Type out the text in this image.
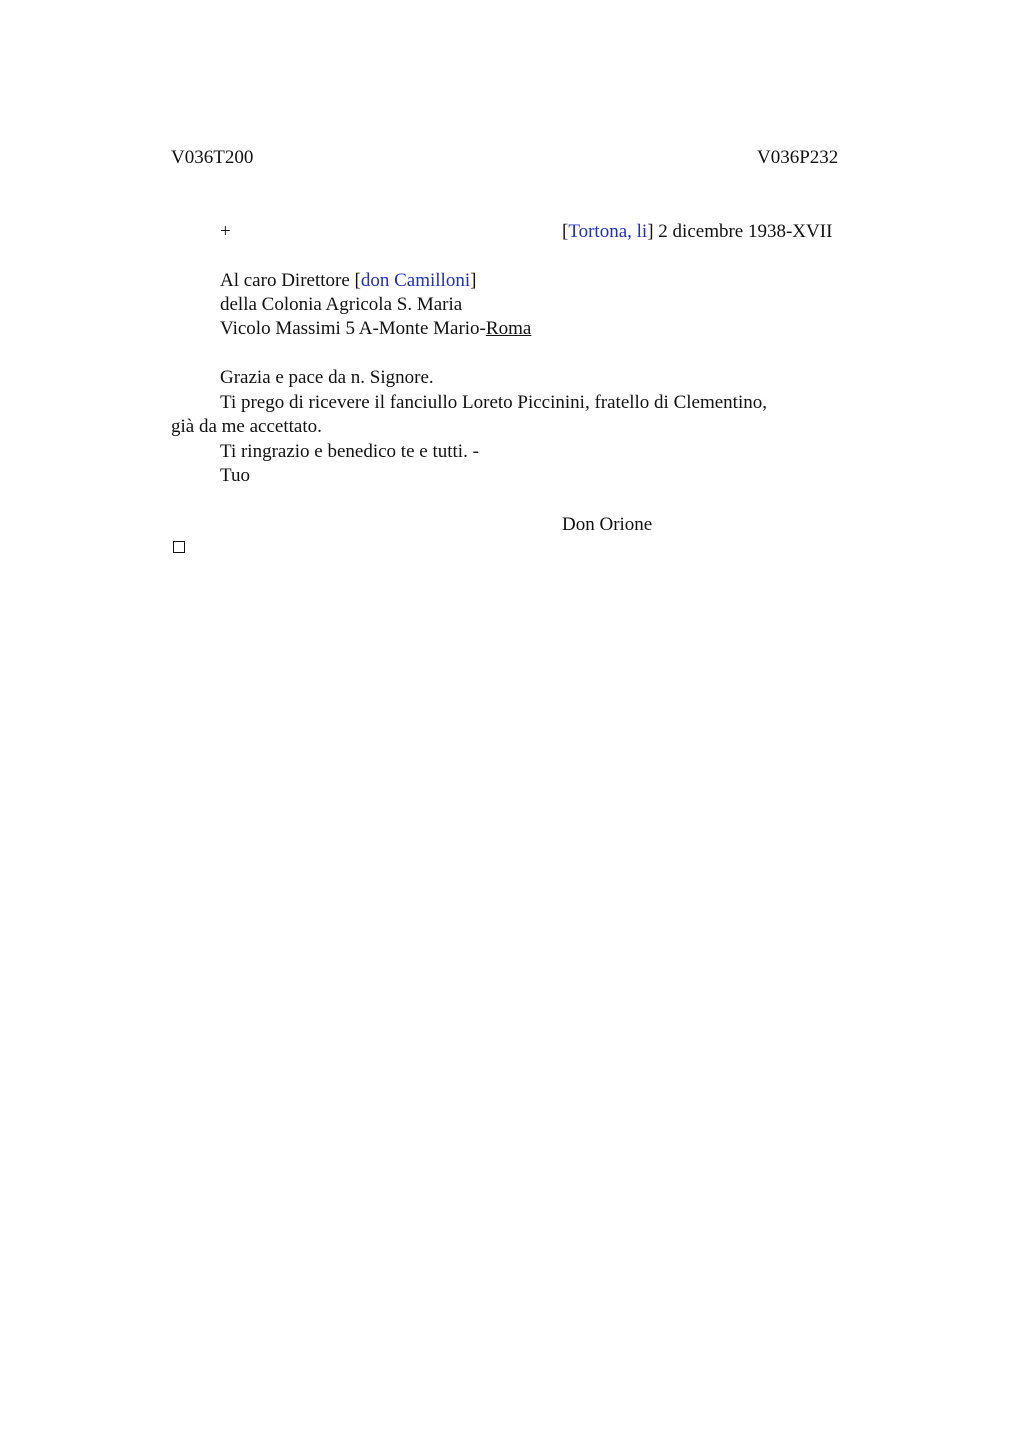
V036T200	V036P232
+	[Tortona, li] 2 dicembre 1938-XVII
Al caro Direttore [don Camilloni]
della Colonia Agricola S. Maria
Vicolo Massimi 5 A-Monte Mario-Roma
Grazia e pace da n. Signore.
Ti prego di ricevere il fanciullo Loreto Piccinini, fratello di Clementino,
già da me accettato.
Ti ringrazio e benedico te e tutti. -
Tuo
Don Orione
